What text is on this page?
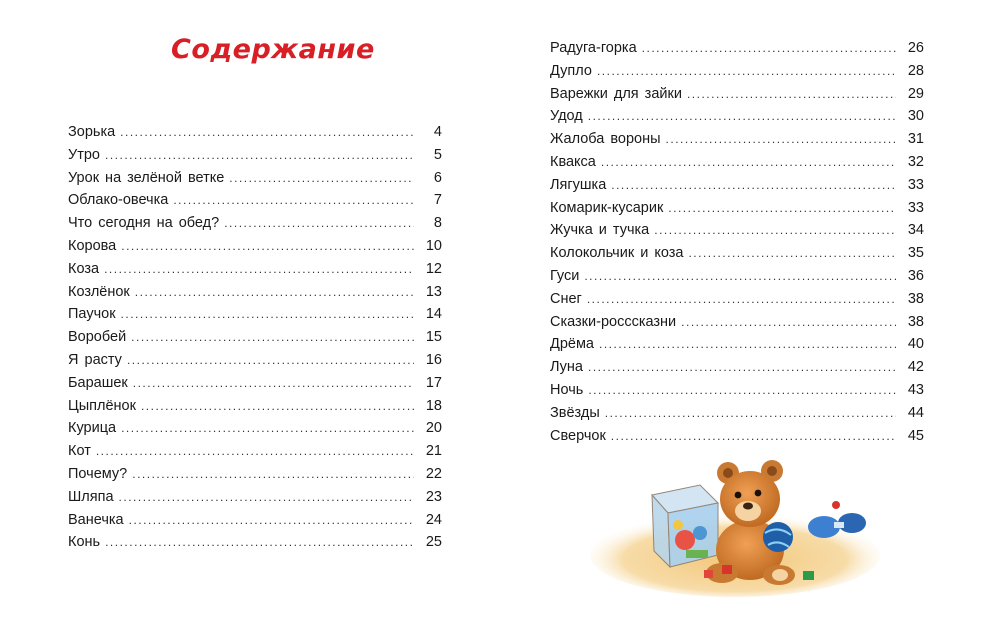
Содержание
Зорька .....	4
Утро .....	5
Урок на зелёной ветке .....	6
Облако-овечка .....	7
Что сегодня на обед? .....	8
Корова .....	10
Коза .....	12
Козлёнок .....	13
Паучок .....	14
Воробей .....	15
Я расту .....	16
Барашек .....	17
Цыплёнок .....	18
Курица .....	20
Кот .....	21
Почему? .....	22
Шляпа .....	23
Ванечка .....	24
Конь .....	25
Радуга-горка .....	26
Дупло .....	28
Варежки для зайки .....	29
Удод .....	30
Жалоба вороны .....	31
Квакса .....	32
Лягушка .....	33
Комарик-кусарик .....	33
Жучка и тучка .....	34
Колокольчик и коза .....	35
Гуси .....	36
Снег .....	38
Сказки-росссказни .....	38
Дрёма .....	40
Луна .....	42
Ночь .....	43
Звёзды .....	44
Сверчок .....	45
